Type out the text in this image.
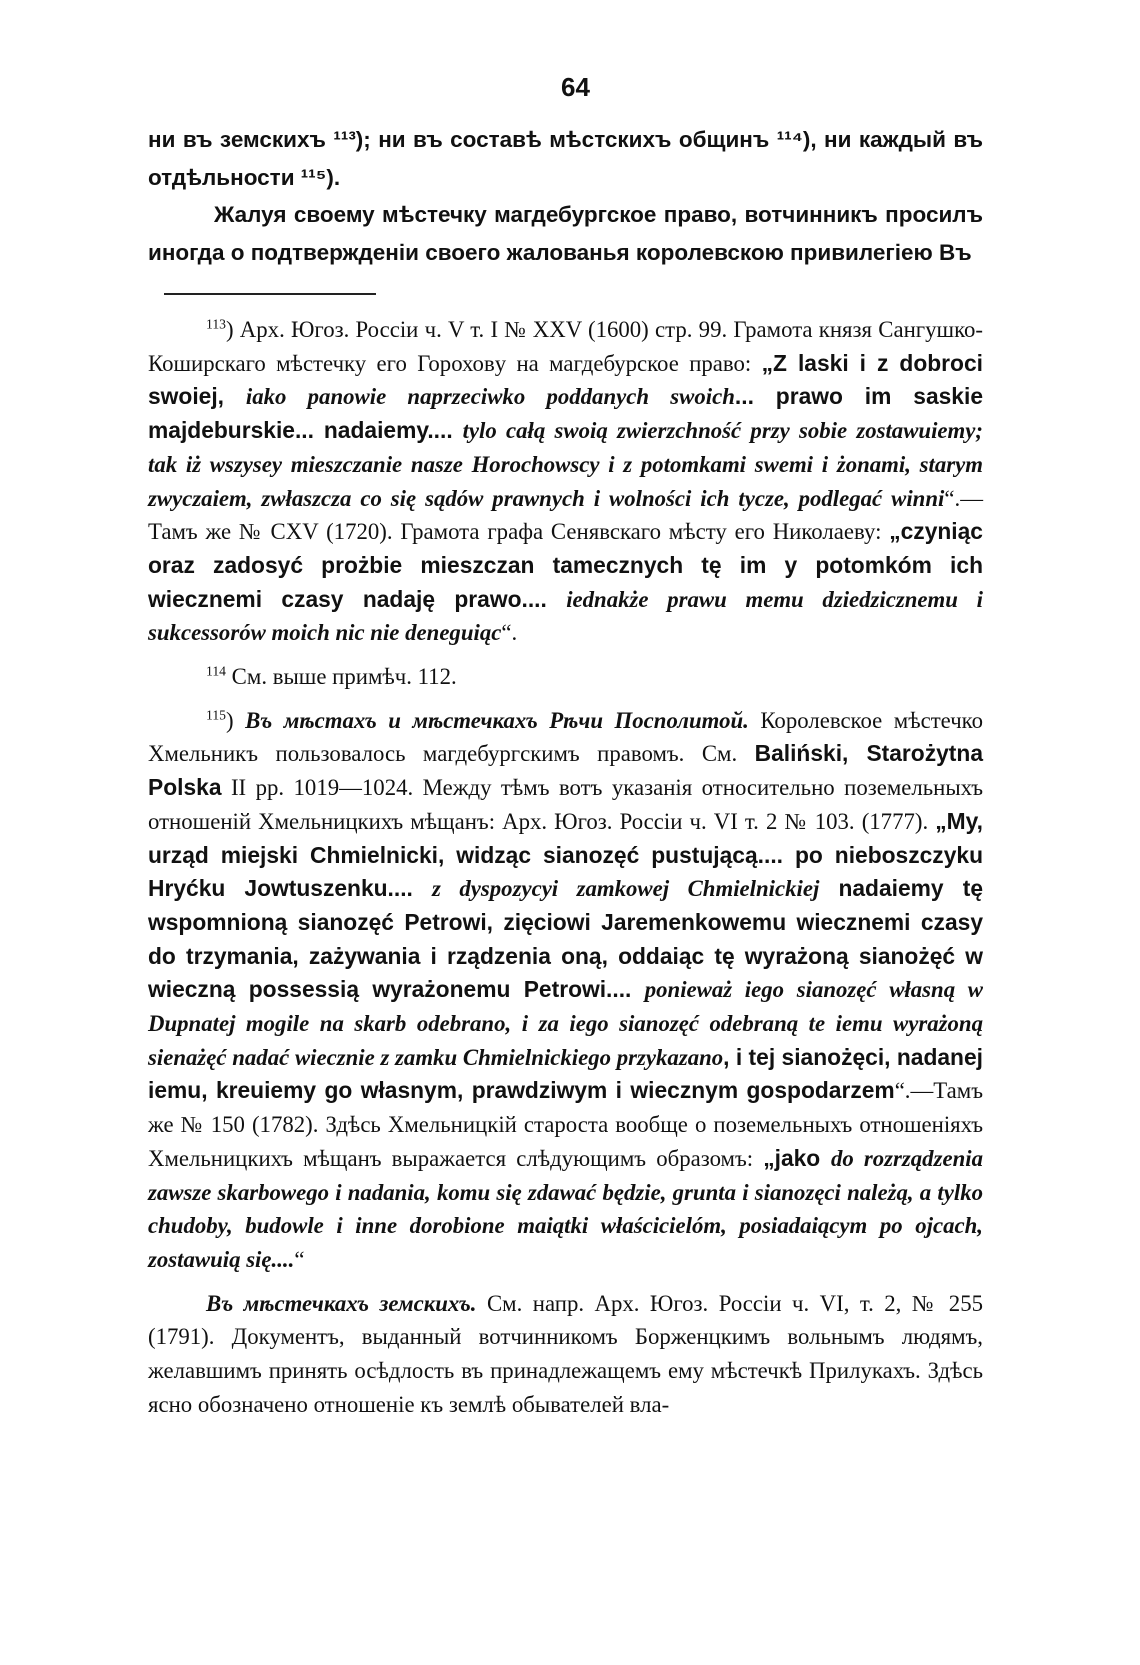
64

ни въ земскихъ ¹¹³); ни въ составѣ мѣстскихъ общинъ ¹¹⁴), ни каждый въ отдѣльности ¹¹⁵).

Жалуя своему мѣстечку магдебургское право, вотчинникъ просилъ иногда о подтвержденіи своего жалованья королевскою привилегіею Въ

$^{113}$) Арх. Югоз. Россіи ч. V т. I № XXV (1600) стр. 99. Грамота князя Сангушко-Коширскаго мѣстечку его Гороховy на магдебурское право: „Z laski i z dobroci swoiej, iako panowie naprzeciwko poddanych swoich... prawo im saskie majdeburskie... nadaiemy.... tylo całą swoią zwierzchność przy sobie zostawuiemy; tak iż wszysey mieszczanie nasze Horochowscy i z potomkami swemi i żonami, starym zwyczaiem, zwłaszcza co się sądów prawnych i wolności ich tycze, podlegać winni“.—Тамъ же № CXV (1720). Грамота графа Сенявскаго мѣсту его Николаеву: „czyniąc oraz zadosyć prożbie mieszczan tamecznych tę im y potomkóm ich wiecznemi czasy nadaję prawo.... iednakże prawu memu dziedzicznemu i sukcessorów moich nic nie deneguiąc“.

$^{114}$ См. выше примѣч. 112.

$^{115}$) Въ мѣстахъ и мѣстечкахъ Рѣчи Посполитой. Королевское мѣстечко Хмельникъ пользовалось магдебургскимъ правомъ. См. Baliński, Starożytna Polska II pp. 1019—1024. Между тѣмъ вотъ указанія относительно поземельныхъ отношеній Хмельницкихъ мѣщанъ: Арх. Югоз. Россіи ч. VI т. 2 № 103. (1777). „My, urząd miejski Chmielnicki, widząc sianozęć pustującą.... po nieboszczyku Hryćku Jowtuszenku.... z dyspozycyi zamkowej Chmielnickiej nadaiemy tę wspomnioną sianozęć Petrowi, zięciowi Jaremenkowemu wiecznemi czasy do trzymania, zażywania i rządzenia oną, oddaiąc tę wyrażoną sianożęć w wieczną possessią wyrażonemu Petrowi.... ponieważ iego sianozęć własną w Dupnatej mogile na skarb odebrano, i za iego sianozęć odebraną te iemu wyrażoną sienażęć nadać wiecznie z zamku Chmielnickiego przykazano, i tej sianożęci, nadanej iemu, kreuiemy go własnym, prawdziwym i wiecznym gospodarzem“.—Тамъ же № 150 (1782). Здѣсь Хмельницкій староста вообще о поземельныхъ отношеніяхъ Хмельницкихъ мѣщанъ выражается слѣдующимъ образомъ: „jako do rozrządzenia zawsze skarbowego i nadania, komu się zdawać będzie, grunta i sianozęci należą, a tylko chudoby, budowle i inne dorobione maiątki właścicielóm, posiadaiącym po ojcach, zostawuią się....“

Въ мѣстечкахъ земскихъ. См. напр. Арх. Югоз. Россіи ч. VI, т. 2, № 255 (1791). Документъ, выданный вотчинникомъ Борженцкимъ вольнымъ людямъ, желавшимъ принять осѣдлость въ принадлежащемъ ему мѣстечкѣ Прилукахъ. Здѣсь ясно обозначено отношеніе къ землѣ обывателей вла-
